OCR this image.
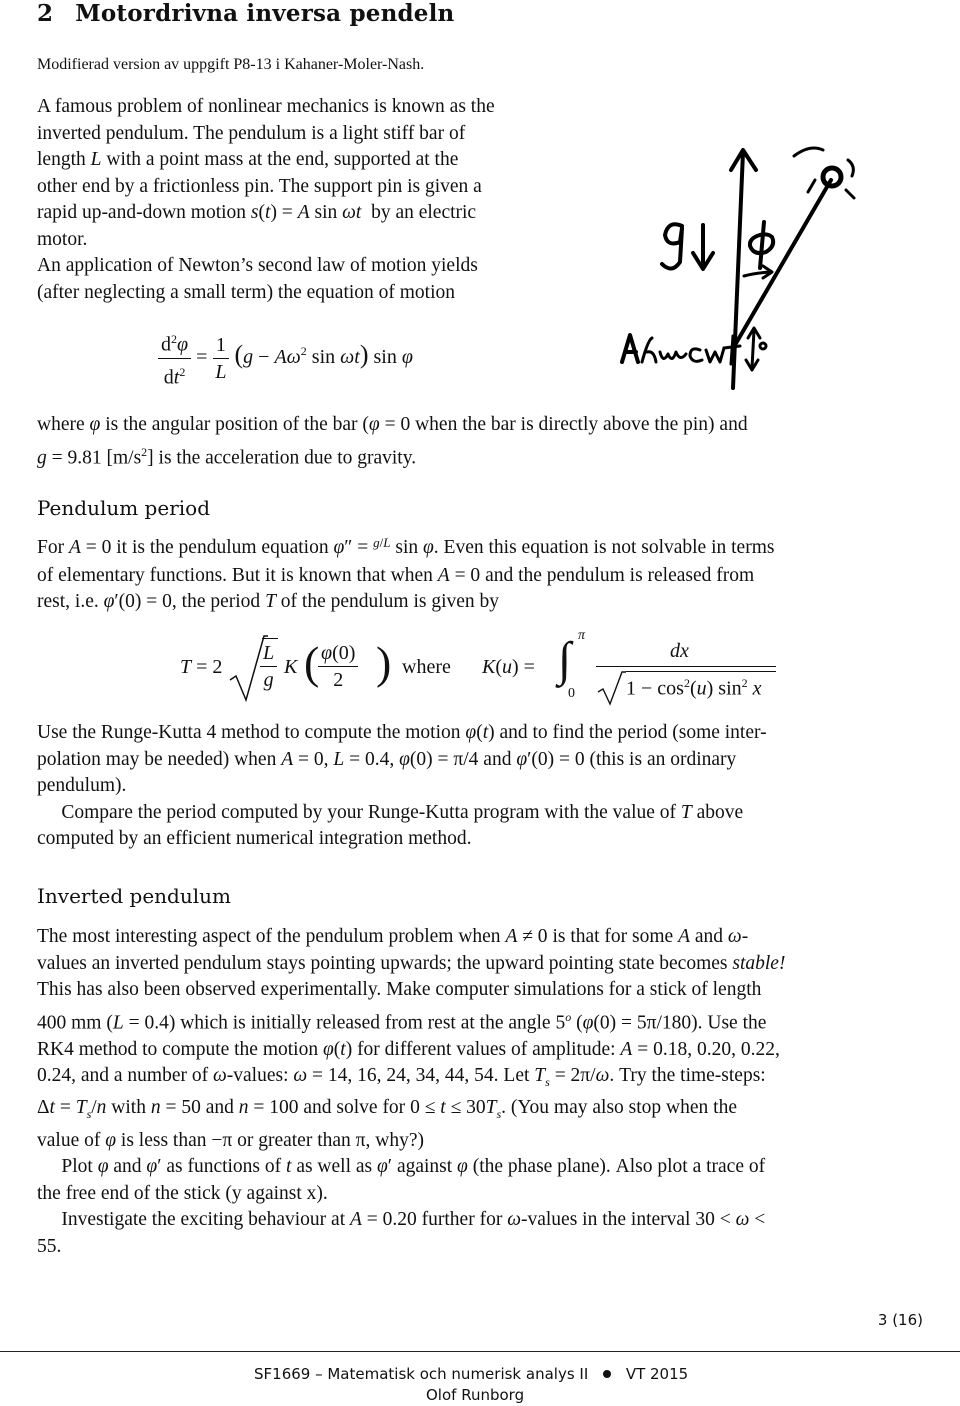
2 Motordrivna inversa pendeln
Modifierad version av uppgift P8-13 i Kahaner-Moler-Nash.

A famous problem of nonlinear mechanics is known as the
inverted pendulum. The pendulum is a light stiff bar of
length L with a point mass at the end, supported at the
other end by a frictionless pin. The support pin is given a
rapid up-and-down motion s(t) = A sin ωt by an electric
motor.
An application of Newton’s second law of motion yields
(after neglecting a small term) the equation of motion

$\frac{d^2\varphi}{dt^2} = \frac{1}{L} (g - A\omega^2$ sin ωt) sin φ

where φ is the angular position of the bar (φ = 0 when the bar is directly above the pin) and
g = 9.81 $[m/s^2]$ is the acceleration due to gravity.

Pendulum period

For A = 0 it is the pendulum equation φ″ = $^{g/L}$ sin φ. Even this equation is not solvable in terms
of elementary functions. But it is known that when A = 0 and the pendulum is released from
rest, i.e. φ′(0) = 0, the period T of the pendulum is given by

$T = 2 \frac{L}{g}$ K (
$\frac{\varphi(0)}{2}$ ) where K(u) = ∫ π
0
dx
$1 - \cos^2(u)$ $\sin^2 x$

Use the Runge-Kutta 4 method to compute the motion φ(t) and to find the period (some inter-
polation may be needed) when A = 0, L = 0.4, φ(0) = π/4 and φ′(0) = 0 (this is an ordinary
pendulum).
Compare the period computed by your Runge-Kutta program with the value of T above
computed by an efficient numerical integration method.

Inverted pendulum

The most interesting aspect of the pendulum problem when A ≠ 0 is that for some A and ω-
values an inverted pendulum stays pointing upwards; the upward pointing state becomes stable!
This has also been observed experimentally. Make computer simulations for a stick of length
400 mm (L = 0.4) which is initially released from rest at the angle 5$^o$ (φ(0) = 5π/180). Use the
RK4 method to compute the motion φ(t) for different values of amplitude: A = 0.18, 0.20, 0.22,
0.24, and a number of ω-values: ω = 14, 16, 24, 34, 44, 54. Let $T_s = 2\pi/\omega$. Try the time-steps:
$\Delta t = T_s/n$ with n = 50 and n = 100 and solve for $0 \le t \le 30T_s$. (You may also stop when the
value of φ is less than −π or greater than π, why?)
Plot φ and φ′ as functions of t as well as φ′ against φ (the phase plane). Also plot a trace of
the free end of the stick (y against x).
Investigate the exciting behaviour at A = 0.20 further for ω-values in the interval 30 < ω <
55.

3 (16)
SF1669 – Matematisk och numerisk analys II	VT 2015
Olof Runborg
